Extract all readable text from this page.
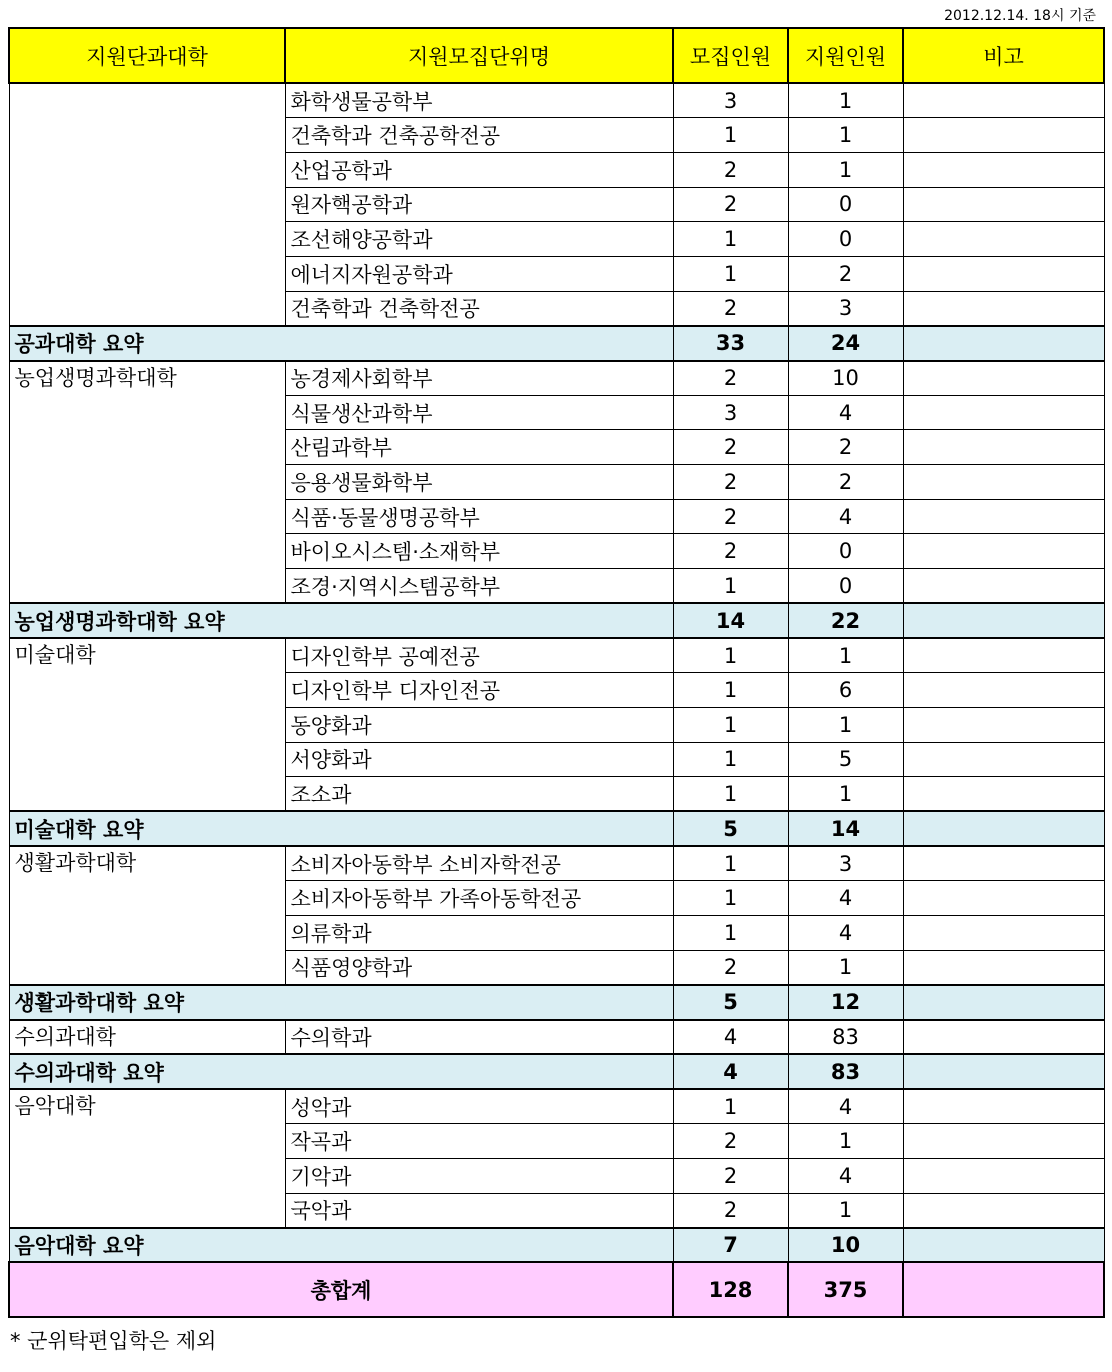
2012.12.14. 18시 기준
지원단과대학	지원모집단위명	모집인원	지원인원	비고
	화학생물공학부	3	1	
	건축학과 건축공학전공	1	1	
	산업공학과	2	1	
	원자핵공학과	2	0	
	조선해양공학과	1	0	
	에너지자원공학과	1	2	
	건축학과 건축학전공	2	3	
공과대학 요약		33	24	
농업생명과학대학	농경제사회학부	2	10	
	식물생산과학부	3	4	
	산림과학부	2	2	
	응용생물화학부	2	2	
	식품·동물생명공학부	2	4	
	바이오시스템·소재학부	2	0	
	조경·지역시스템공학부	1	0	
농업생명과학대학 요약		14	22	
미술대학	디자인학부 공예전공	1	1	
	디자인학부 디자인전공	1	6	
	동양화과	1	1	
	서양화과	1	5	
	조소과	1	1	
미술대학 요약		5	14	
생활과학대학	소비자아동학부 소비자학전공	1	3	
	소비자아동학부 가족아동학전공	1	4	
	의류학과	1	4	
	식품영양학과	2	1	
생활과학대학 요약		5	12	
수의과대학	수의학과	4	83	
수의과대학 요약		4	83	
음악대학	성악과	1	4	
	작곡과	2	1	
	기악과	2	4	
	국악과	2	1	
음악대학 요약		7	10	
총합계		128	375	
* 군위탁편입학은 제외
